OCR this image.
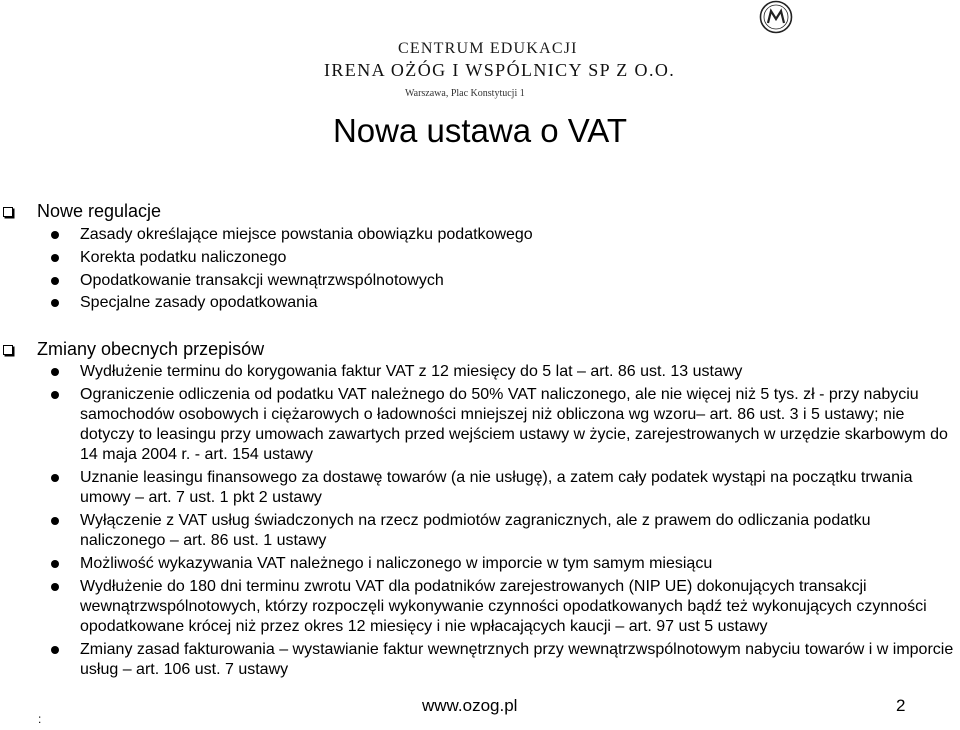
CENTRUM EDUKACJI
IRENA OŻÓG I WSPÓLNICY SP Z O.O.
Warszawa, Plac Konstytucji 1
Nowa ustawa o VAT
Nowe regulacje
Zasady określające miejsce powstania obowiązku podatkowego
Korekta podatku naliczonego
Opodatkowanie transakcji wewnątrzwspólnotowych
Specjalne zasady opodatkowania
Zmiany obecnych przepisów
Wydłużenie terminu do korygowania faktur VAT z 12 miesięcy do 5 lat – art. 86 ust. 13 ustawy
Ograniczenie odliczenia od podatku VAT należnego do 50% VAT naliczonego, ale nie więcej niż 5 tys. zł - przy nabyciu samochodów osobowych i ciężarowych o ładowności mniejszej niż obliczona wg wzoru– art. 86 ust. 3 i 5 ustawy; nie dotyczy to leasingu przy umowach zawartych przed wejściem ustawy w życie, zarejestrowanych w urzędzie skarbowym do 14 maja 2004 r. - art. 154 ustawy
Uznanie leasingu finansowego za dostawę towarów (a nie usługę), a zatem cały podatek wystąpi na początku trwania umowy – art. 7 ust. 1 pkt 2 ustawy
Wyłączenie z VAT usług świadczonych na rzecz podmiotów zagranicznych, ale z prawem do odliczania podatku naliczonego – art. 86 ust. 1 ustawy
Możliwość wykazywania VAT należnego i naliczonego w imporcie w tym samym miesiącu
Wydłużenie do 180 dni terminu zwrotu VAT dla podatników zarejestrowanych (NIP UE) dokonujących transakcji wewnątrzwspólnotowych, którzy rozpoczęli wykonywanie czynności opodatkowanych bądź też wykonujących czynności opodatkowane krócej niż przez okres 12 miesięcy i nie wpłacających kaucji – art. 97 ust 5 ustawy
Zmiany zasad fakturowania – wystawianie faktur wewnętrznych przy wewnątrzwspólnotowym nabyciu towarów i w imporcie usług – art. 106 ust. 7 ustawy
:
www.ozog.pl	2
